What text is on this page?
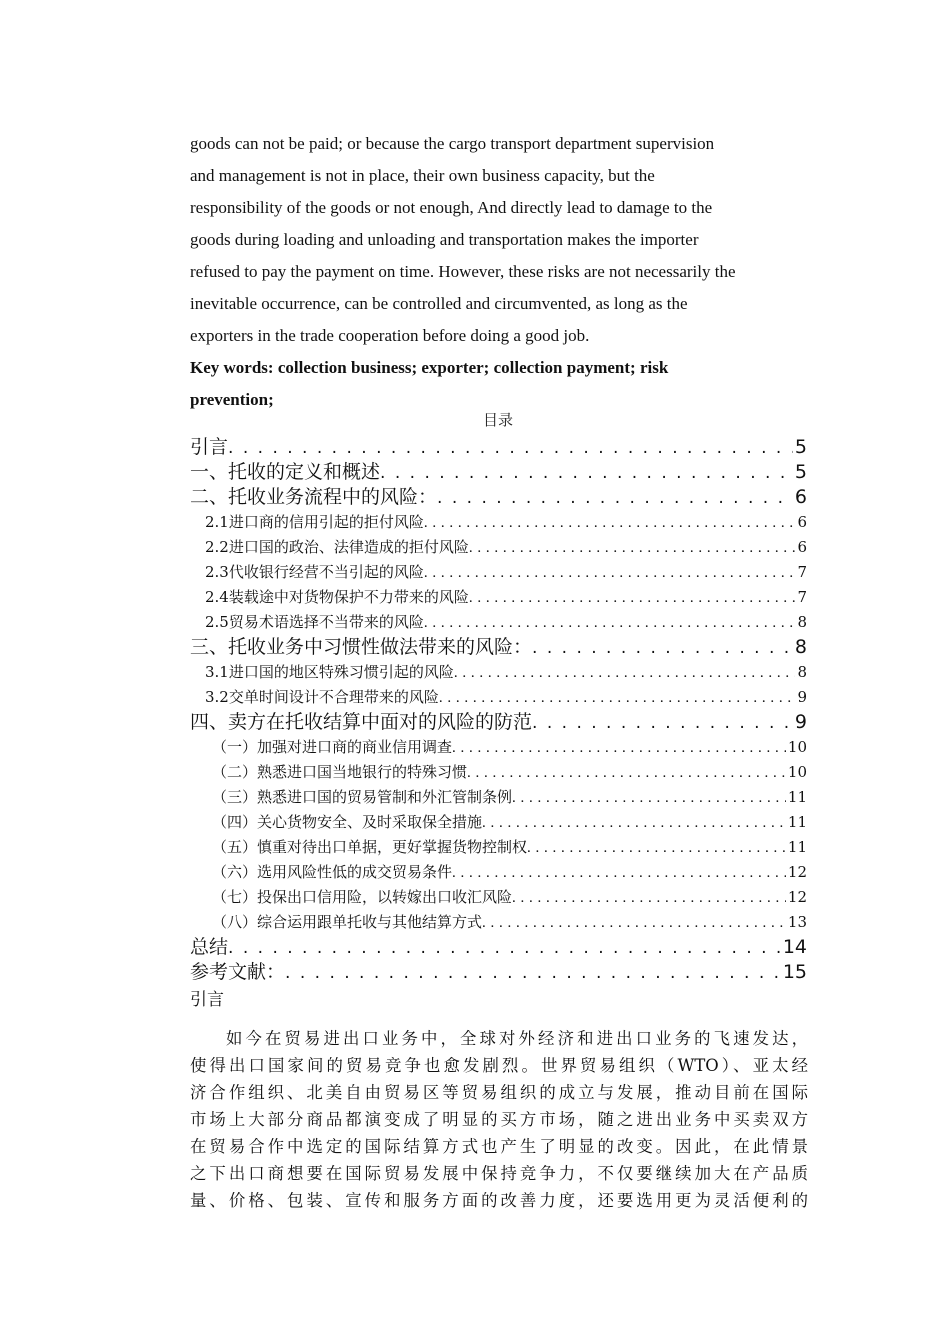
goods can not be paid; or because the cargo transport department supervision
and management is not in place, their own business capacity, but the
responsibility of the goods or not enough, And directly lead to damage to the
goods during loading and unloading and transportation makes the importer
refused to pay the payment on time. However, these risks are not necessarily the
inevitable occurrence, can be controlled and circumvented, as long as the
exporters in the trade cooperation before doing a good job.
Key words: collection business; exporter; collection payment; risk
prevention;
目录
引言 . . .	5
一、托收的定义和概述 . . .	5
二、托收业务流程中的风险： . . .	6
2.1进口商的信用引起的拒付风险 . . .	6
2.2进口国的政治、法律造成的拒付风险 . . .	6
2.3代收银行经营不当引起的风险 . . .	7
2.4装载途中对货物保护不力带来的风险 . . .	7
2.5贸易术语选择不当带来的风险 . . .	8
三、托收业务中习惯性做法带来的风险： . . .	8
3.1进口国的地区特殊习惯引起的风险 . . .	8
3.2交单时间设计不合理带来的风险 . . .	9
四、卖方在托收结算中面对的风险的防范 . . .	9
（一） 加强对进口商的商业信用调查 . . .	10
（二） 熟悉进口国当地银行的特殊习惯 . . .	10
（三） 熟悉进口国的贸易管制和外汇管制条例 . . .	11
（四） 关心货物安全、及时采取保全措施 . . .	11
（五） 慎重对待出口单据，更好掌握货物控制权 . . .	11
（六） 选用风险性低的成交贸易条件 . . .	12
（七） 投保出口信用险，以转嫁出口收汇风险 . . .	12
（八） 综合运用跟单托收与其他结算方式 . . .	13
总结 . . .	14
参考文献： . . .	15
引言
如今在贸易进出口业务中，全球对外经济和进出口业务的飞速发达，
使得出口国家间的贸易竞争也愈发剧烈。世界贸易组织（WTO）、亚太经
济合作组织、北美自由贸易区等贸易组织的成立与发展，推动目前在国际
市场上大部分商品都演变成了明显的买方市场，随之进出业务中买卖双方
在贸易合作中选定的国际结算方式也产生了明显的改变。因此，在此情景
之下出口商想要在国际贸易发展中保持竞争力，不仅要继续加大在产品质
量、价格、包装、宣传和服务方面的改善力度，还要选用更为灵活便利的
